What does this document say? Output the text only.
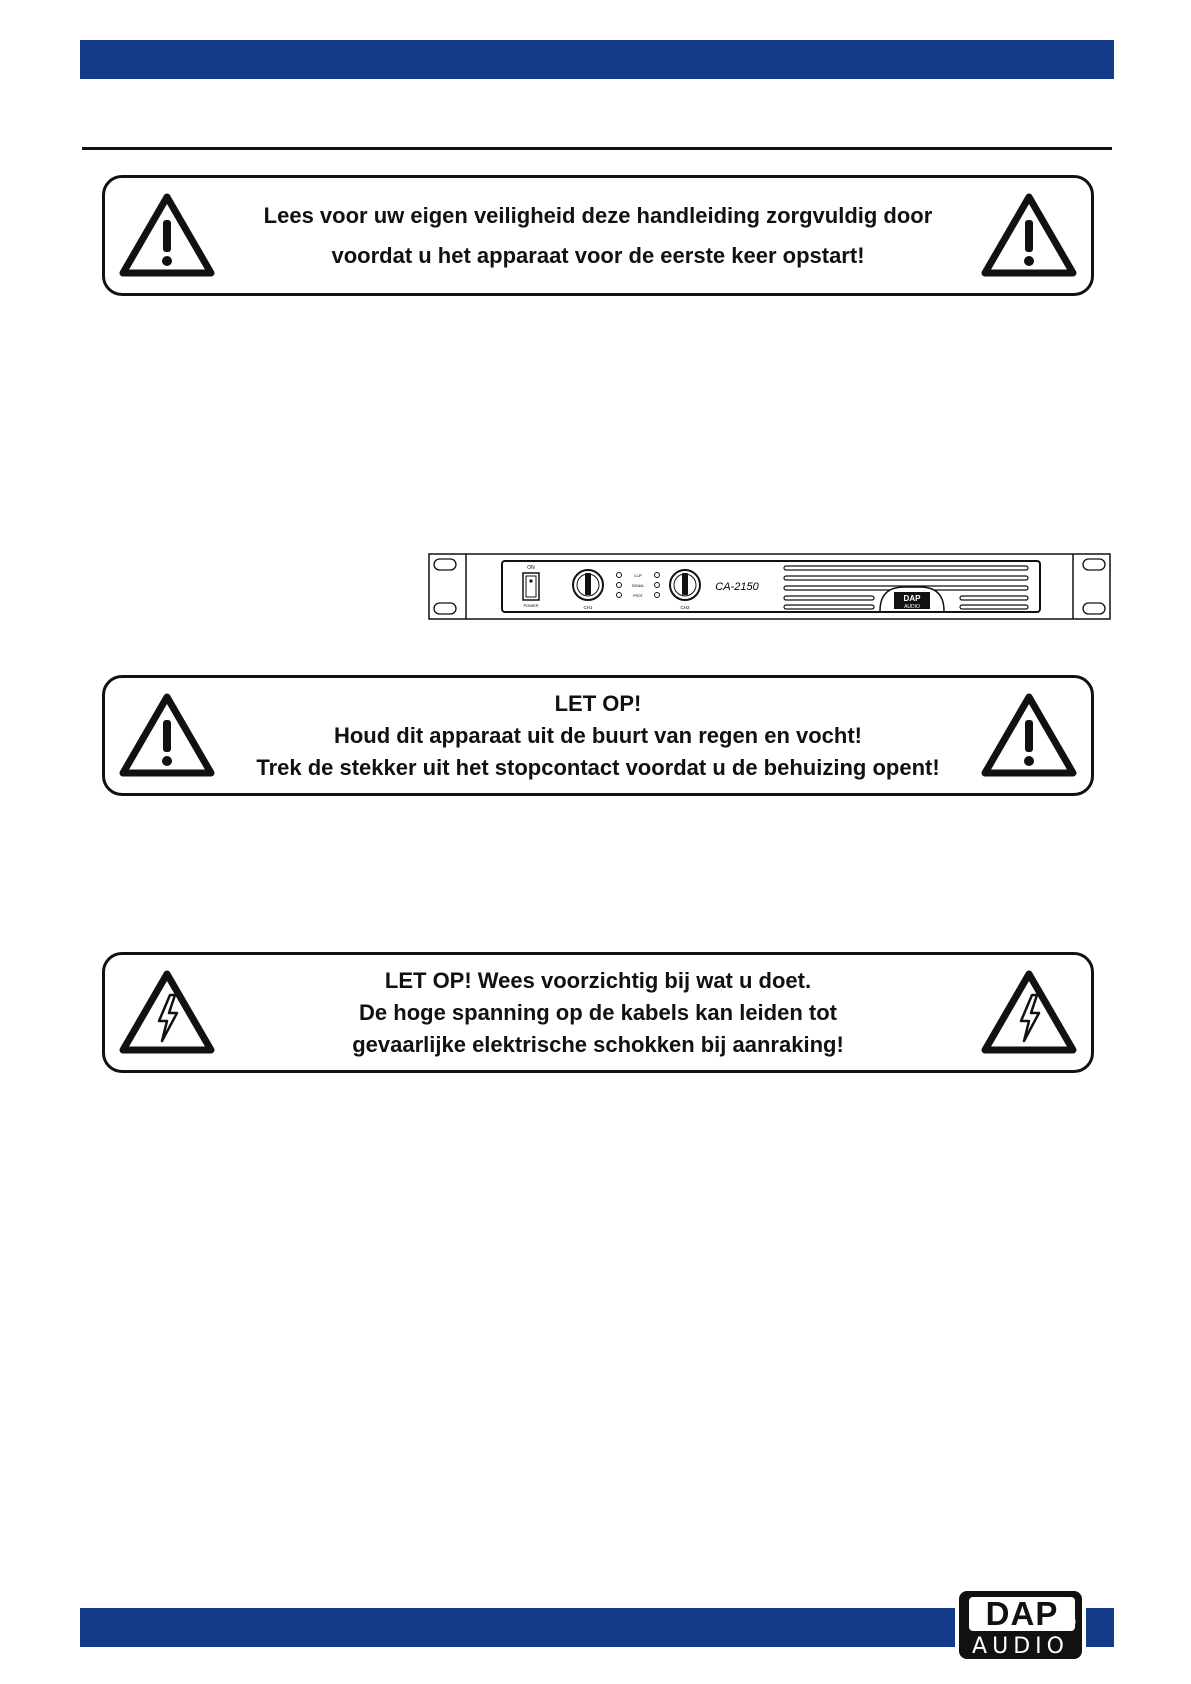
Lees voor uw eigen veiligheid deze handleiding zorgvuldig door
voordat u het apparaat voor de eerste keer opstart!
ON
POWER	CH1
CLIP
SIGNAL
PROT
CH2
CA-2150
DAP
AUDIO
LET OP!
Houd dit apparaat uit de buurt van regen en vocht!
Trek de stekker uit het stopcontact voordat u de behuizing opent!
LET OP! Wees voorzichtig bij wat u doet.
De hoge spanning op de kabels kan leiden tot
gevaarlijke elektrische schokken bij aanraking!
DAP	®
AUDIO
